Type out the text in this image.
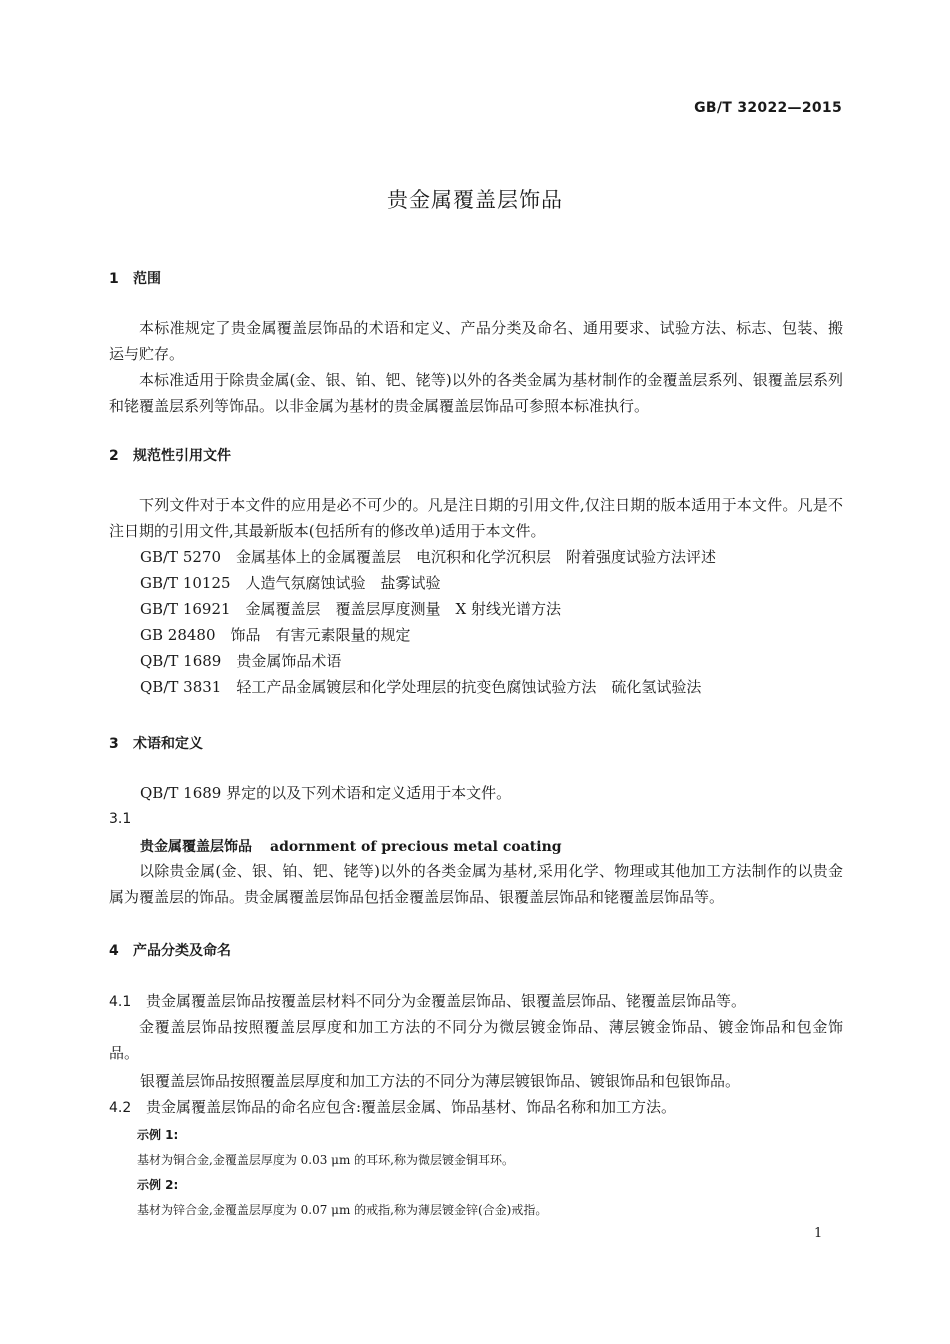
GB/T 32022—2015
贵金属覆盖层饰品
1 范围
本标准规定了贵金属覆盖层饰品的术语和定义、产品分类及命名、通用要求、试验方法、标志、包装、搬运与贮存。
本标准适用于除贵金属(金、银、铂、钯、铑等)以外的各类金属为基材制作的金覆盖层系列、银覆盖层系列和铑覆盖层系列等饰品。以非金属为基材的贵金属覆盖层饰品可参照本标准执行。
2 规范性引用文件
下列文件对于本文件的应用是必不可少的。凡是注日期的引用文件,仅注日期的版本适用于本文件。凡是不注日期的引用文件,其最新版本(包括所有的修改单)适用于本文件。
GB/T 5270　金属基体上的金属覆盖层　电沉积和化学沉积层　附着强度试验方法评述
GB/T 10125　人造气氛腐蚀试验　盐雾试验
GB/T 16921　金属覆盖层　覆盖层厚度测量　X 射线光谱方法
GB 28480　饰品　有害元素限量的规定
QB/T 1689　贵金属饰品术语
QB/T 3831　轻工产品金属镀层和化学处理层的抗变色腐蚀试验方法　硫化氢试验法
3 术语和定义
QB/T 1689 界定的以及下列术语和定义适用于本文件。
3.1
贵金属覆盖层饰品 adornment of precious metal coating
以除贵金属(金、银、铂、钯、铑等)以外的各类金属为基材,采用化学、物理或其他加工方法制作的以贵金属为覆盖层的饰品。贵金属覆盖层饰品包括金覆盖层饰品、银覆盖层饰品和铑覆盖层饰品等。
4 产品分类及命名
4.1 贵金属覆盖层饰品按覆盖层材料不同分为金覆盖层饰品、银覆盖层饰品、铑覆盖层饰品等。
金覆盖层饰品按照覆盖层厚度和加工方法的不同分为微层镀金饰品、薄层镀金饰品、镀金饰品和包金饰品。
银覆盖层饰品按照覆盖层厚度和加工方法的不同分为薄层镀银饰品、镀银饰品和包银饰品。
4.2 贵金属覆盖层饰品的命名应包含:覆盖层金属、饰品基材、饰品名称和加工方法。
示例 1:
基材为铜合金,金覆盖层厚度为 0.03 μm 的耳环,称为微层镀金铜耳环。
示例 2:
基材为锌合金,金覆盖层厚度为 0.07 μm 的戒指,称为薄层镀金锌(合金)戒指。
1
